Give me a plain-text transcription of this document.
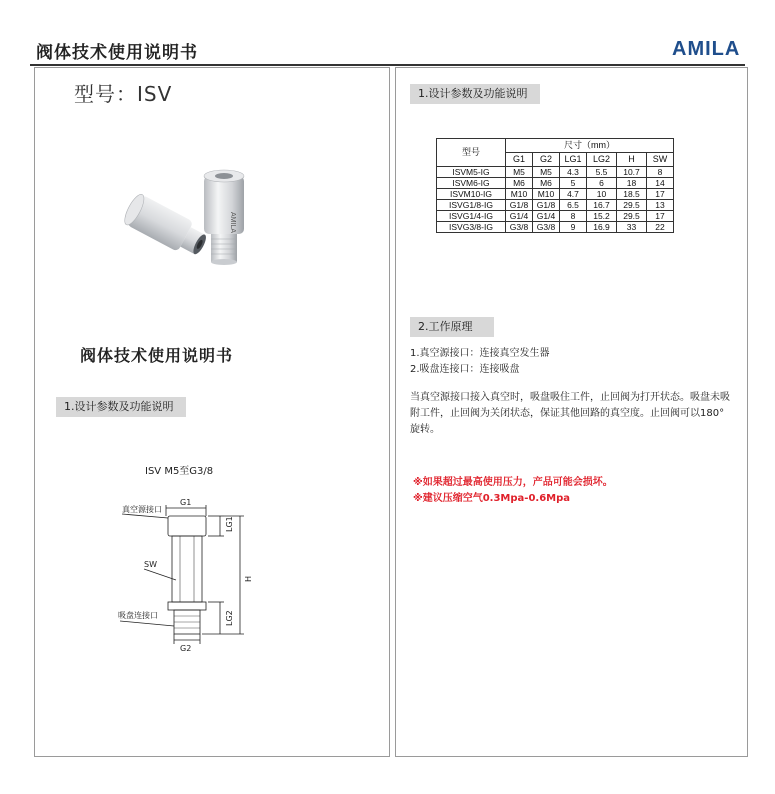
阀体技术使用说明书	AMILA
型号：ISV
AMILA
阀体技术使用说明书
1.设计参数及功能说明
ISV M5至G3/8
G1
G2
LG1
LG2
H
SW
真空源接口
吸盘连接口
1.设计参数及功能说明
型号	尺寸（mm）					
	G1	G2	LG1	LG2	H	SW
ISVM5-IG	M5	M5	4.3	5.5	10.7	8
ISVM6-IG	M6	M6	5	6	18	14
ISVM10-IG	M10	M10	4.7	10	18.5	17
ISVG1/8-IG	G1/8	G1/8	6.5	16.7	29.5	13
ISVG1/4-IG	G1/4	G1/4	8	15.2	29.5	17
ISVG3/8-IG	G3/8	G3/8	9	16.9	33	22
2.工作原理
1.真空源接口：连接真空发生器
2.吸盘连接口：连接吸盘
当真空源接口接入真空时，吸盘吸住工件，止回阀为打开状态。吸盘未吸附工件，止回阀为关闭状态，保证其他回路的真空度。止回阀可以180°旋转。
※如果超过最高使用压力，产品可能会损坏。
※建议压缩空气0.3Mpa-0.6Mpa
